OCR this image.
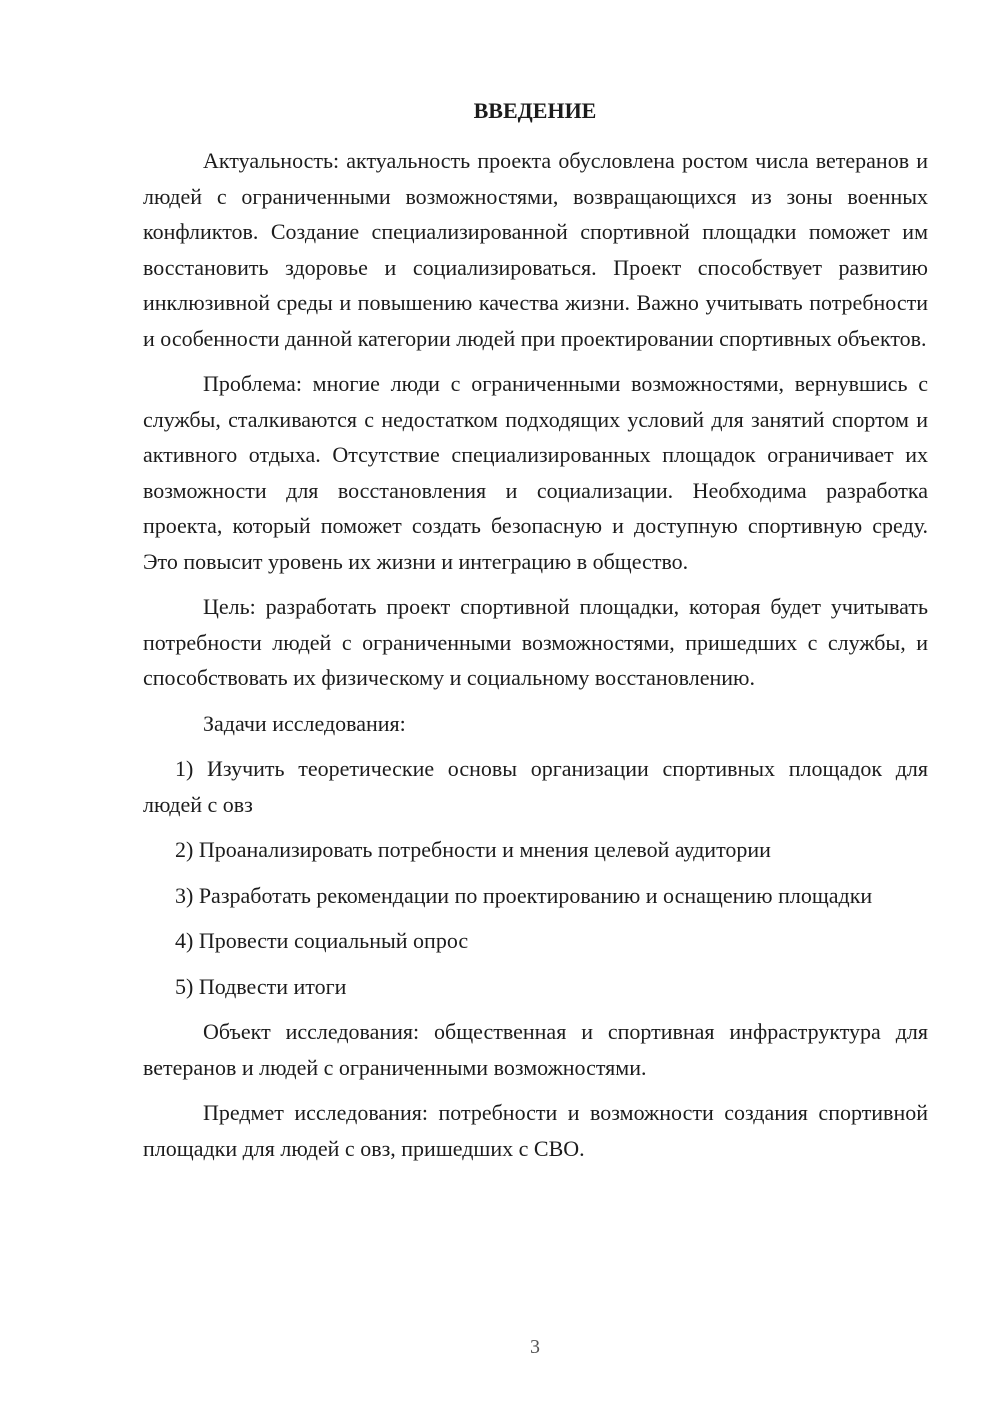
ВВЕДЕНИЕ

Актуальность: актуальность проекта обусловлена ростом числа ветеранов и людей с ограниченными возможностями, возвращающихся из зоны военных конфликтов. Создание специализированной спортивной площадки поможет им восстановить здоровье и социализироваться. Проект способствует развитию инклюзивной среды и повышению качества жизни. Важно учитывать потребности и особенности данной категории людей при проектировании спортивных объектов.

Проблема: многие люди с ограниченными возможностями, вернувшись с службы, сталкиваются с недостатком подходящих условий для занятий спортом и активного отдыха. Отсутствие специализированных площадок ограничивает их возможности для восстановления и социализации. Необходима разработка проекта, который поможет создать безопасную и доступную спортивную среду. Это повысит уровень их жизни и интеграцию в общество.

Цель: разработать проект спортивной площадки, которая будет учитывать потребности людей с ограниченными возможностями, пришедших с службы, и способствовать их физическому и социальному восстановлению.

Задачи исследования:

1) Изучить теоретические основы организации спортивных площадок для людей с овз

2) Проанализировать потребности и мнения целевой аудитории

3) Разработать рекомендации по проектированию и оснащению площадки

4) Провести социальный опрос

5) Подвести итоги

Объект исследования: общественная и спортивная инфраструктура для ветеранов и людей с ограниченными возможностями.

Предмет исследования: потребности и возможности создания спортивной площадки для людей с овз, пришедших с СВО.

3
